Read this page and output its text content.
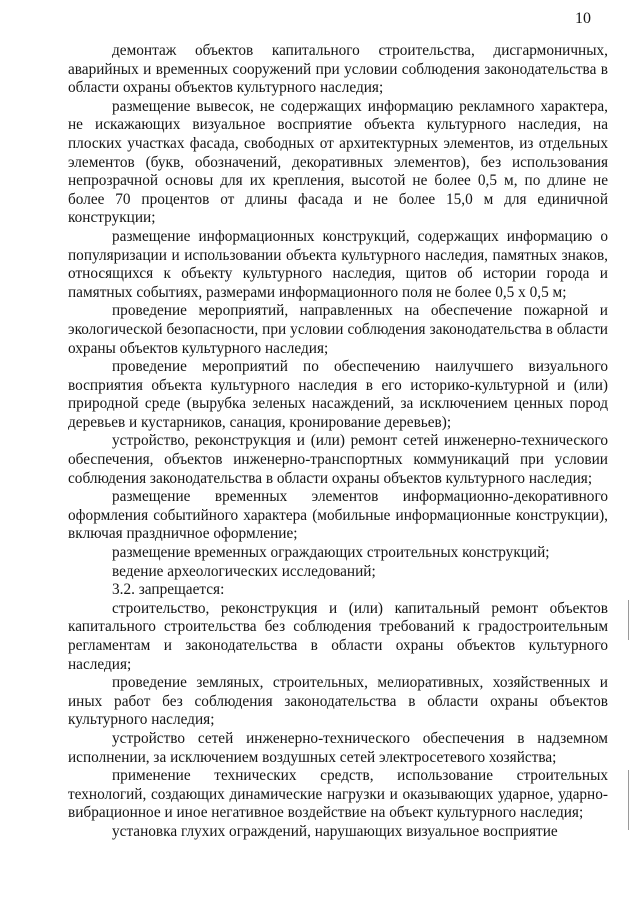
10

демонтаж объектов капитального строительства, дисгармоничных, аварийных и временных сооружений при условии соблюдения законодательства в области охраны объектов культурного наследия;

размещение вывесок, не содержащих информацию рекламного характера, не искажающих визуальное восприятие объекта культурного наследия, на плоских участках фасада, свободных от архитектурных элементов, из отдельных элементов (букв, обозначений, декоративных элементов), без использования непрозрачной основы для их крепления, высотой не более 0,5 м, по длине не более 70 процентов от длины фасада и не более 15,0 м для единичной конструкции;

размещение информационных конструкций, содержащих информацию о популяризации и использовании объекта культурного наследия, памятных знаков, относящихся к объекту культурного наследия, щитов об истории города и памятных событиях, размерами информационного поля не более 0,5 х 0,5 м;

проведение мероприятий, направленных на обеспечение пожарной и экологической безопасности, при условии соблюдения законодательства в области охраны объектов культурного наследия;

проведение мероприятий по обеспечению наилучшего визуального восприятия объекта культурного наследия в его историко-культурной и (или) природной среде (вырубка зеленых насаждений, за исключением ценных пород деревьев и кустарников, санация, кронирование деревьев);

устройство, реконструкция и (или) ремонт сетей инженерно-технического обеспечения, объектов инженерно-транспортных коммуникаций при условии соблюдения законодательства в области охраны объектов культурного наследия;

размещение временных элементов информационно-декоративного оформления событийного характера (мобильные информационные конструкции), включая праздничное оформление;

размещение временных ограждающих строительных конструкций;

ведение археологических исследований;

3.2. запрещается:

строительство, реконструкция и (или) капитальный ремонт объектов капитального строительства без соблюдения требований к градостроительным регламентам и законодательства в области охраны объектов культурного наследия;

проведение земляных, строительных, мелиоративных, хозяйственных и иных работ без соблюдения законодательства в области охраны объектов культурного наследия;

устройство сетей инженерно-технического обеспечения в надземном исполнении, за исключением воздушных сетей электросетевого хозяйства;

применение технических средств, использование строительных технологий, создающих динамические нагрузки и оказывающих ударное, ударно-вибрационное и иное негативное воздействие на объект культурного наследия;

установка глухих ограждений, нарушающих визуальное восприятие
